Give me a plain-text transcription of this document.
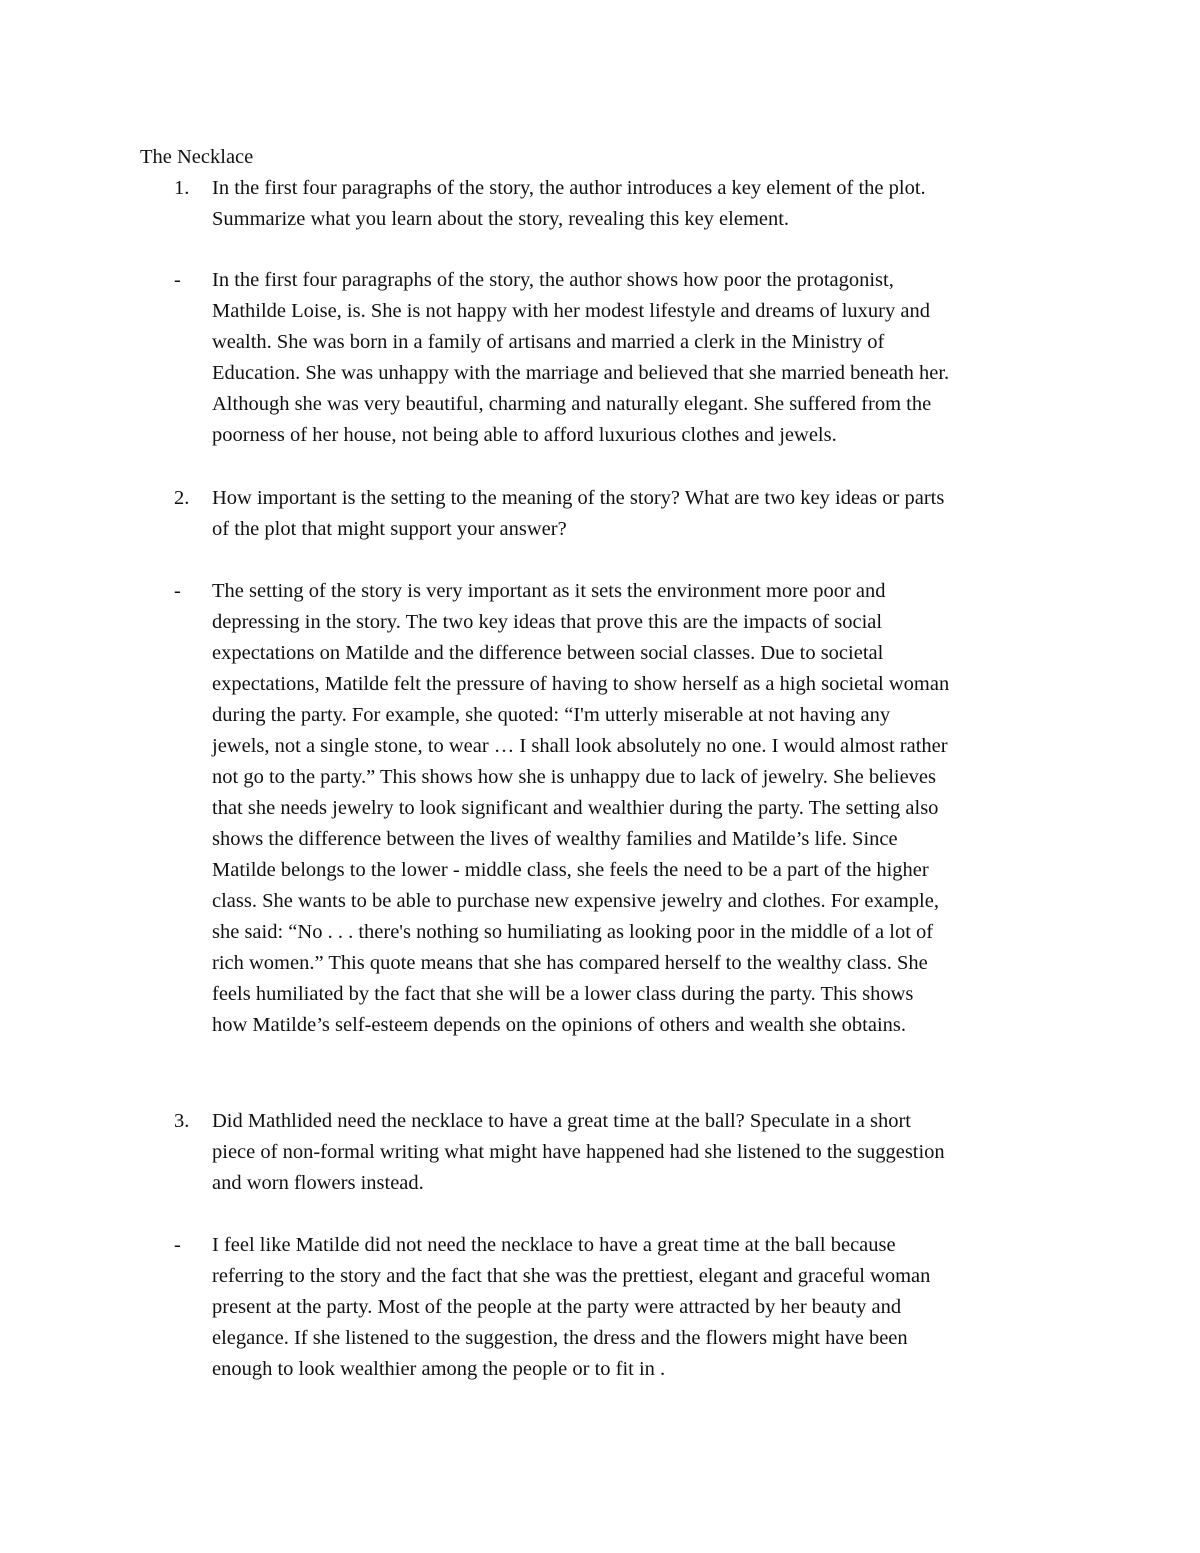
The Necklace
1.	In the first four paragraphs of the story, the author introduces a key element of the plot.
Summarize what you learn about the story, revealing this key element.
-	In the first four paragraphs of the story, the author shows how poor the protagonist,
Mathilde Loise, is. She is not happy with her modest lifestyle and dreams of luxury and
wealth. She was born in a family of artisans and married a clerk in the Ministry of
Education. She was unhappy with the marriage and believed that she married beneath her.
Although she was very beautiful, charming and naturally elegant. She suffered from the
poorness of her house, not being able to afford luxurious clothes and jewels.
2.	How important is the setting to the meaning of the story? What are two key ideas or parts
of the plot that might support your answer?
-	The setting of the story is very important as it sets the environment more poor and
depressing in the story. The two key ideas that prove this are the impacts of social
expectations on Matilde and the difference between social classes. Due to societal
expectations, Matilde felt the pressure of having to show herself as a high societal woman
during the party. For example, she quoted: “I'm utterly miserable at not having any
jewels, not a single stone, to wear … I shall look absolutely no one. I would almost rather
not go to the party.” This shows how she is unhappy due to lack of jewelry. She believes
that she needs jewelry to look significant and wealthier during the party. The setting also
shows the difference between the lives of wealthy families and Matilde’s life. Since
Matilde belongs to the lower - middle class, she feels the need to be a part of the higher
class. She wants to be able to purchase new expensive jewelry and clothes. For example,
she said: “No . . . there's nothing so humiliating as looking poor in the middle of a lot of
rich women.” This quote means that she has compared herself to the wealthy class. She
feels humiliated by the fact that she will be a lower class during the party. This shows
how Matilde’s self-esteem depends on the opinions of others and wealth she obtains.
3.	Did Mathlided need the necklace to have a great time at the ball? Speculate in a short
piece of non-formal writing what might have happened had she listened to the suggestion
and worn flowers instead.
-	I feel like Matilde did not need the necklace to have a great time at the ball because
referring to the story and the fact that she was the prettiest, elegant and graceful woman
present at the party. Most of the people at the party were attracted by her beauty and
elegance. If she listened to the suggestion, the dress and the flowers might have been
enough to look wealthier among the people or to fit in .
